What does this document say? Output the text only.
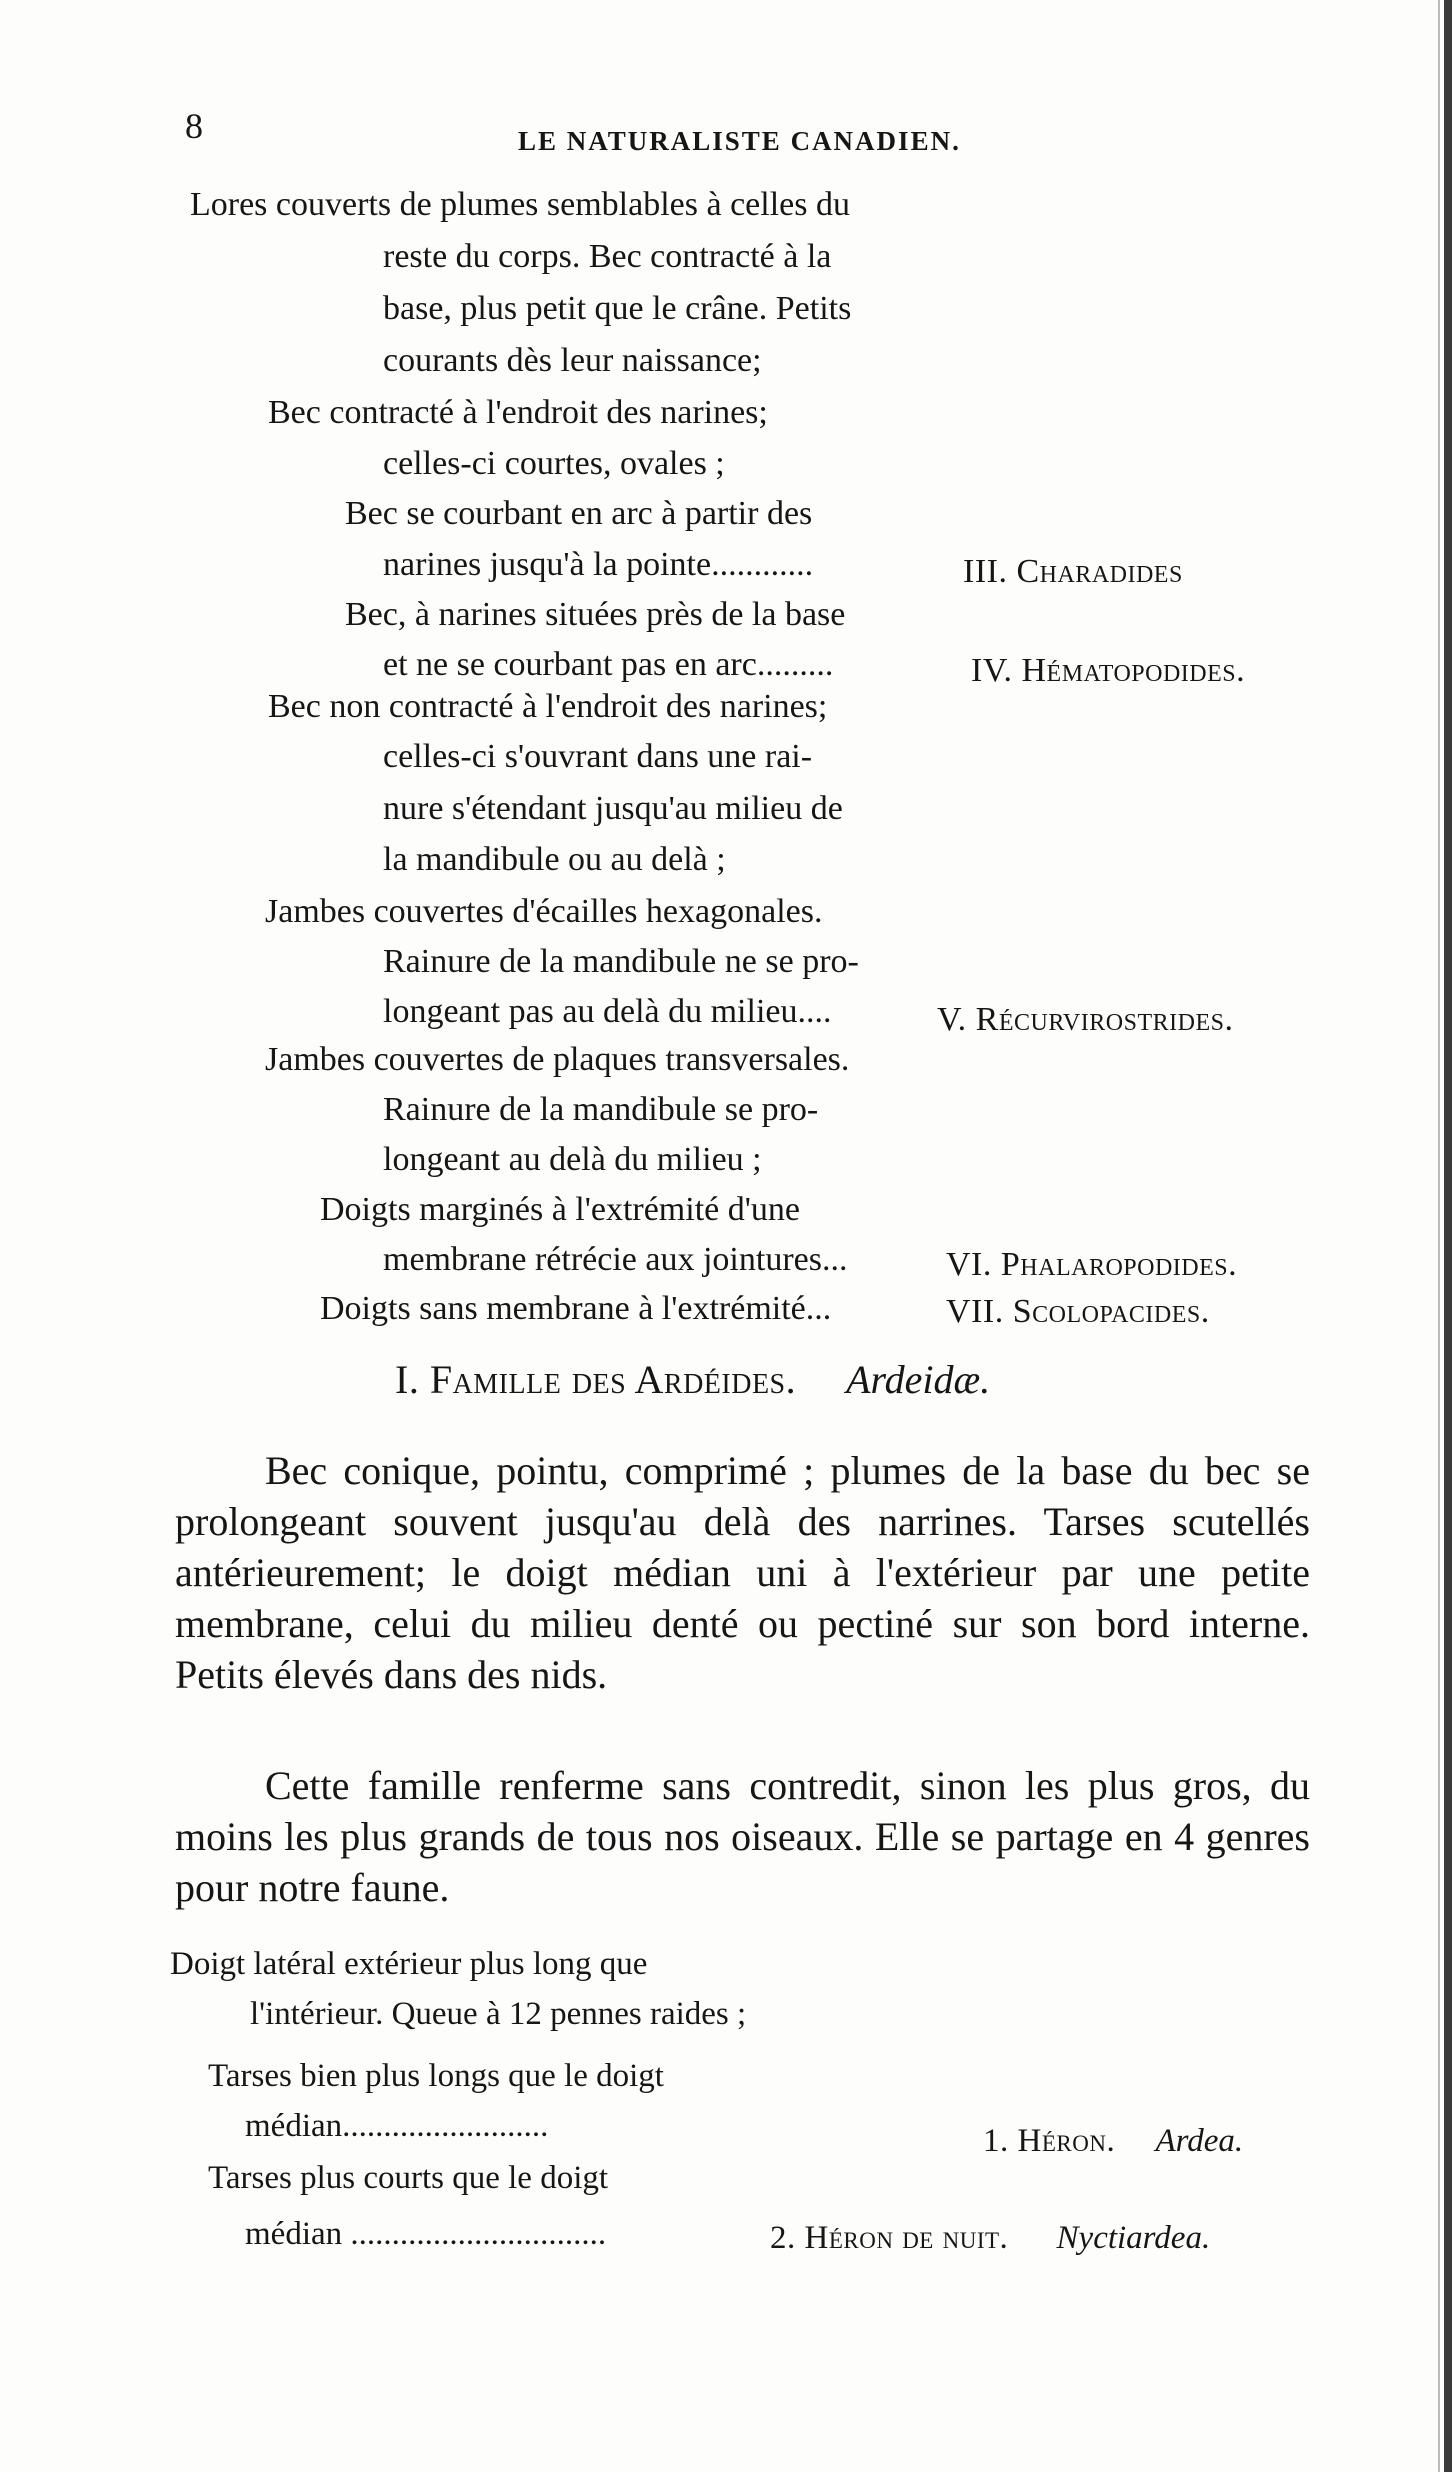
8	LE NATURALISTE CANADIEN.
Lores couverts de plumes semblables à celles du
reste du corps. Bec contracté à la
base, plus petit que le crâne. Petits
courants dès leur naissance;
Bec contracté à l'endroit des narines;
celles-ci courtes, ovales ;
Bec se courbant en arc à partir des
narines jusqu'à la pointe............	III. Charadides
Bec, à narines situées près de la base
et ne se courbant pas en arc.........	IV. Hématopodides.
Bec non contracté à l'endroit des narines;
celles-ci s'ouvrant dans une rai-
nure s'étendant jusqu'au milieu de
la mandibule ou au delà ;
Jambes couvertes d'écailles hexagonales.
Rainure de la mandibule ne se pro-
longeant pas au delà du milieu....	V. Récurvirostrides.
Jambes couvertes de plaques transversales.
Rainure de la mandibule se pro-
longeant au delà du milieu ;
Doigts marginés à l'extrémité d'une
membrane rétrécie aux jointures...	VI. Phalaropodides.
Doigts sans membrane à l'extrémité...	VII. Scolopacides.
I. Famille des Ardéides. Ardeidæ.

Bec conique, pointu, comprimé ; plumes de la base du bec se prolongeant souvent jusqu'au delà des narrines. Tarses scutellés antérieurement; le doigt médian uni à l'extérieur par une petite membrane, celui du milieu denté ou pectiné sur son bord interne. Petits élevés dans des nids.

Cette famille renferme sans contredit, sinon les plus gros, du moins les plus grands de tous nos oiseaux. Elle se partage en 4 genres pour notre faune.

Doigt latéral extérieur plus long que
l'intérieur. Queue à 12 pennes raides ;
Tarses bien plus longs que le doigt
médian.........................	1. Héron. Ardea.
Tarses plus courts que le doigt
médian ...............................	2. Héron de nuit. Nyctiardea.
